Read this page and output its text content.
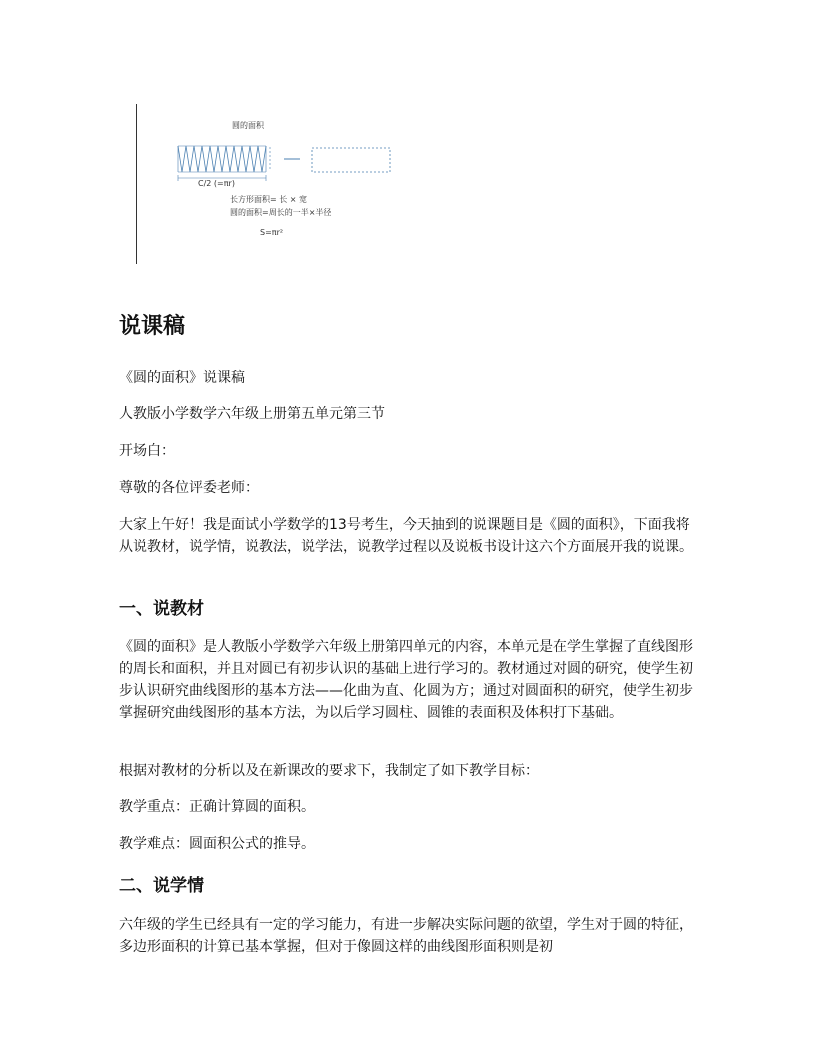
圆的面积
C/2 (=πr)
长方形面积= 长 × 宽
圆的面积=周长的一半×半径
S=πr²
说课稿

《圆的面积》说课稿

人教版小学数学六年级上册第五单元第三节

开场白：

尊敬的各位评委老师：

大家上午好！我是面试小学数学的13号考生，今天抽到的说课题目是《圆的面积》，下面我将从说教材，说学情，说教法，说学法，说教学过程以及说板书设计这六个方面展开我的说课。

一、说教材

《圆的面积》是人教版小学数学六年级上册第四单元的内容，本单元是在学生掌握了直线图形的周长和面积，并且对圆已有初步认识的基础上进行学习的。教材通过对圆的研究，使学生初步认识研究曲线图形的基本方法——化曲为直、化圆为方；通过对圆面积的研究，使学生初步掌握研究曲线图形的基本方法，为以后学习圆柱、圆锥的表面积及体积打下基础。

根据对教材的分析以及在新课改的要求下，我制定了如下教学目标：

教学重点：正确计算圆的面积。

教学难点：圆面积公式的推导。

二、说学情

六年级的学生已经具有一定的学习能力，有进一步解决实际问题的欲望，学生对于圆的特征，多边形面积的计算已基本掌握，但对于像圆这样的曲线图形面积则是初
